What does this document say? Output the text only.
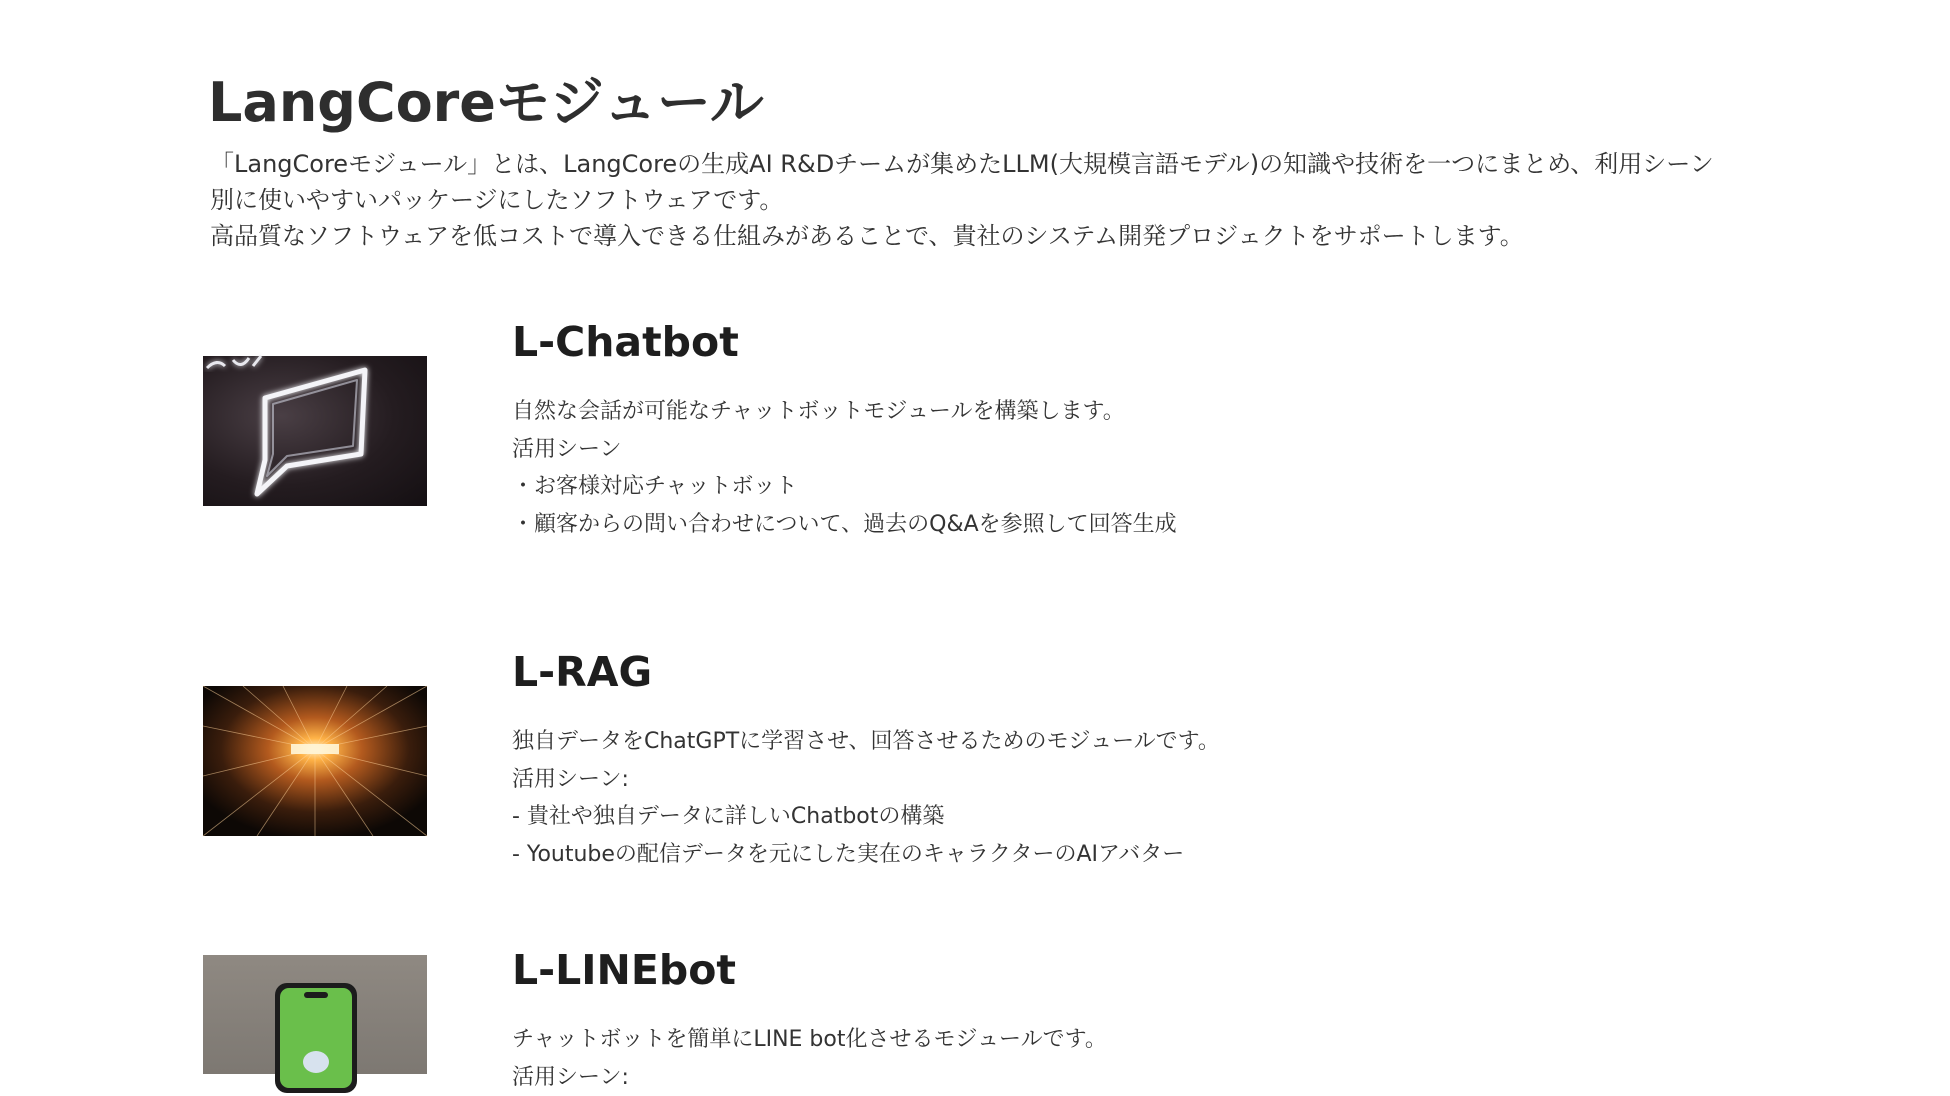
LangCoreモジュール

「LangCoreモジュール」とは、LangCoreの生成AI R&Dチームが集めたLLM(大規模言語モデル)の知識や技術を一つにまとめ、利用シーン別に使いやすいパッケージにしたソフトウェアです。

高品質なソフトウェアを低コストで導入できる仕組みがあることで、貴社のシステム開発プロジェクトをサポートします。

L-Chatbot
自然な会話が可能なチャットボットモジュールを構築します。
活用シーン
・お客様対応チャットボット
・顧客からの問い合わせについて、過去のQ&Aを参照して回答生成
L-RAG
独自データをChatGPTに学習させ、回答させるためのモジュールです。
活用シーン:
- 貴社や独自データに詳しいChatbotの構築
- Youtubeの配信データを元にした実在のキャラクターのAIアバター
L-LINEbot
チャットボットを簡単にLINE bot化させるモジュールです。
活用シーン:
